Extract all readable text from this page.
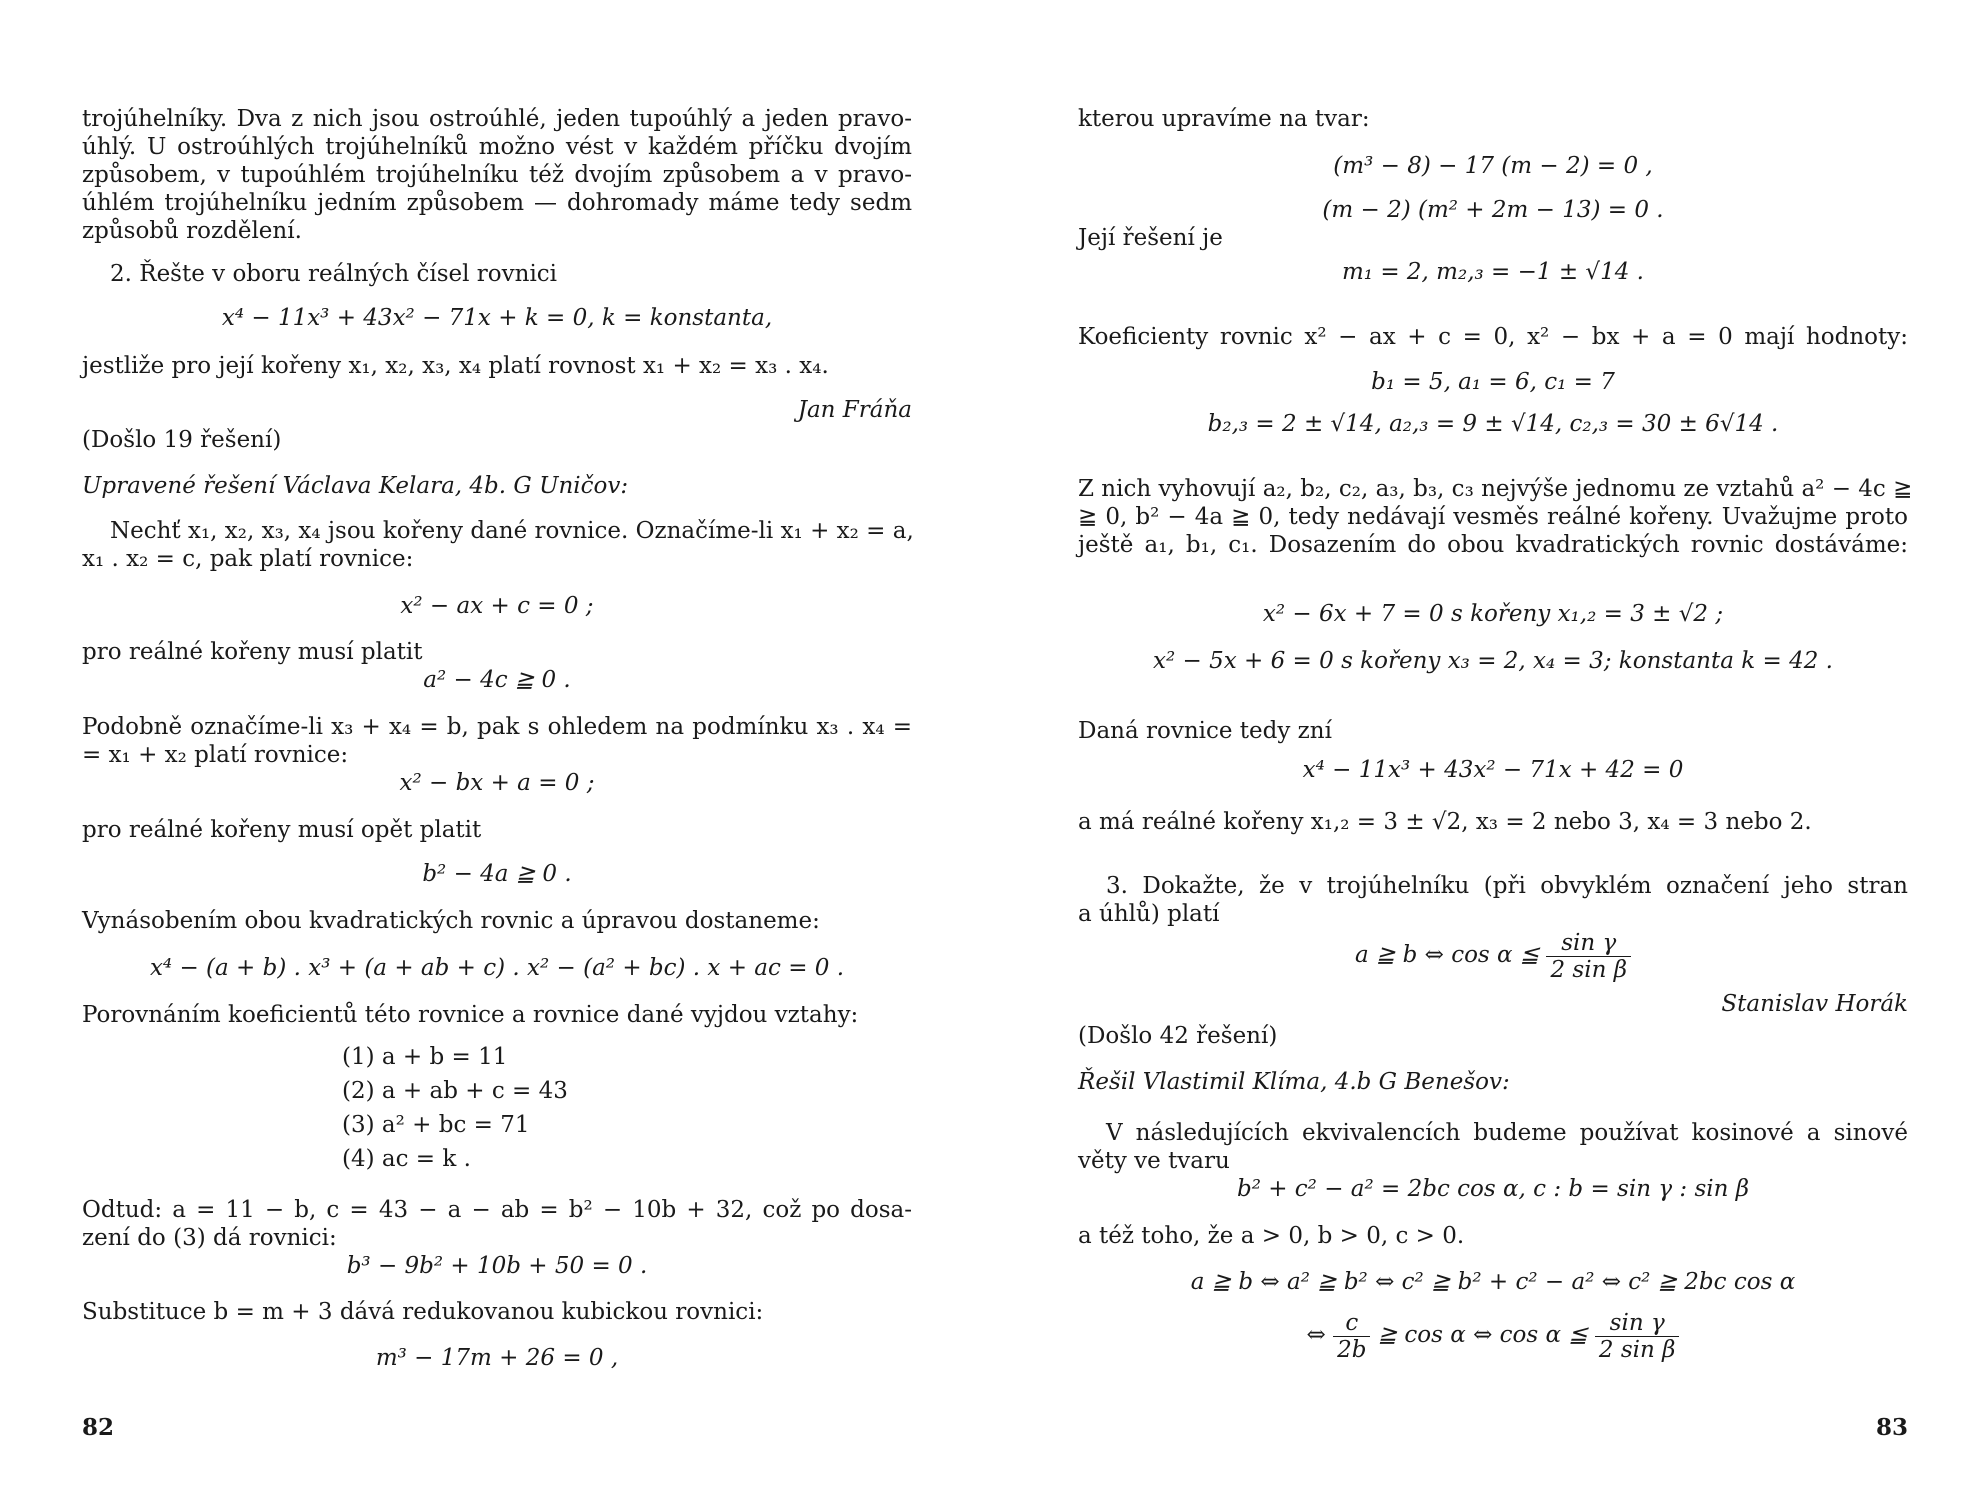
trojúhelníky. Dva z nich jsou ostroúhlé, jeden tupoúhlý a jeden pravo-
úhlý. U ostroúhlých trojúhelníků možno vést v každém příčku dvojím
způsobem, v tupoúhlém trojúhelníku též dvojím způsobem a v pravo-
úhlém trojúhelníku jedním způsobem — dohromady máme tedy sedm
způsobů rozdělení.
2. Řešte v oboru reálných čísel rovnici
x⁴ − 11x³ + 43x² − 71x + k = 0, k = konstanta,
jestliže pro její kořeny x₁, x₂, x₃, x₄ platí rovnost x₁ + x₂ = x₃ . x₄.
Jan Fráňa
(Došlo 19 řešení)
Upravené řešení Václava Kelara, 4b. G Uničov:
Nechť x₁, x₂, x₃, x₄ jsou kořeny dané rovnice. Označíme-li x₁ + x₂ = a,
x₁ . x₂ = c, pak platí rovnice:
x² − ax + c = 0 ;
pro reálné kořeny musí platit
a² − 4c ≧ 0 .
Podobně označíme-li x₃ + x₄ = b, pak s ohledem na podmínku x₃ . x₄ =
= x₁ + x₂ platí rovnice:
x² − bx + a = 0 ;
pro reálné kořeny musí opět platit
b² − 4a ≧ 0 .
Vynásobením obou kvadratických rovnic a úpravou dostaneme:
x⁴ − (a + b) . x³ + (a + ab + c) . x² − (a² + bc) . x + ac = 0 .
Porovnáním koeficientů této rovnice a rovnice dané vyjdou vztahy:
(1) a + b = 11
(2) a + ab + c = 43
(3) a² + bc = 71
(4) ac = k .
Odtud: a = 11 − b, c = 43 − a − ab = b² − 10b + 32, což po dosa-
zení do (3) dá rovnici:
b³ − 9b² + 10b + 50 = 0 .
Substituce b = m + 3 dává redukovanou kubickou rovnici:
m³ − 17m + 26 = 0 ,
82
kterou upravíme na tvar:
(m³ − 8) − 17 (m − 2) = 0 ,
(m − 2) (m² + 2m − 13) = 0 .
Její řešení je
m₁ = 2, m₂,₃ = −1 ± √14 .
Koeficienty rovnic x² − ax + c = 0, x² − bx + a = 0 mají hodnoty:
b₁ = 5, a₁ = 6, c₁ = 7
b₂,₃ = 2 ± √14, a₂,₃ = 9 ± √14, c₂,₃ = 30 ± 6√14 .
Z nich vyhovují a₂, b₂, c₂, a₃, b₃, c₃ nejvýše jednomu ze vztahů a² − 4c ≧
≧ 0, b² − 4a ≧ 0, tedy nedávají vesměs reálné kořeny. Uvažujme proto
ještě a₁, b₁, c₁. Dosazením do obou kvadratických rovnic dostáváme:
x² − 6x + 7 = 0 s kořeny x₁,₂ = 3 ± √2 ;
x² − 5x + 6 = 0 s kořeny x₃ = 2, x₄ = 3; konstanta k = 42 .
Daná rovnice tedy zní
x⁴ − 11x³ + 43x² − 71x + 42 = 0
a má reálné kořeny x₁,₂ = 3 ± √2, x₃ = 2 nebo 3, x₄ = 3 nebo 2.
3. Dokažte, že v trojúhelníku (při obvyklém označení jeho stran
a úhlů) platí
a ≧ b ⇔ cos α ≦ $\frac{\text{sin γ}}{\text{2 sin β}}$
Stanislav Horák
(Došlo 42 řešení)
Řešil Vlastimil Klíma, 4.b G Benešov:
V následujících ekvivalencích budeme používat kosinové a sinové
věty ve tvaru
b² + c² − a² = 2bc cos α, c : b = sin γ : sin β
a též toho, že a > 0, b > 0, c > 0.
a ≧ b ⇔ a² ≧ b² ⇔ c² ≧ b² + c² − a² ⇔ c² ≧ 2bc cos α
⇔ $\frac{c}{2b}$ ≧ cos α ⇔ cos α ≦ $\frac{\text{sin γ}}{\text{2 sin β}}$
83
